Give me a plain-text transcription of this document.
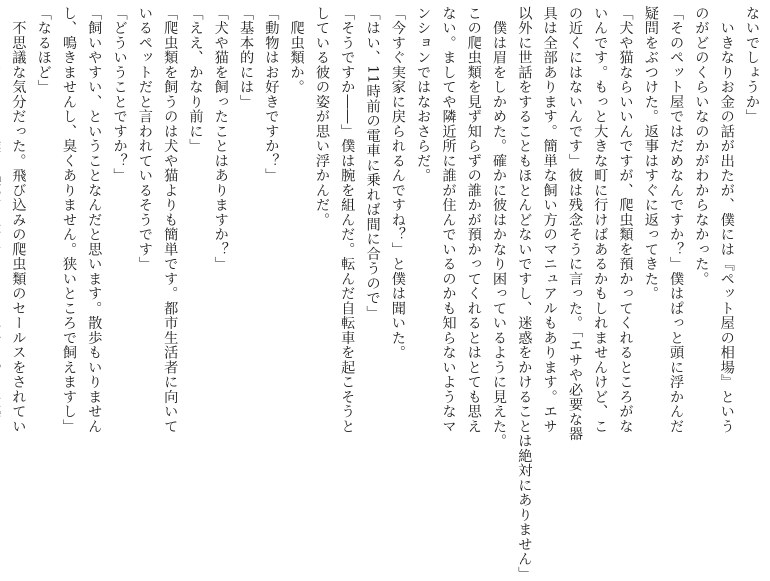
ないでしょうか」
　いきなりお金の話が出たが、僕には『ペット屋の相場』という
のがどのくらいなのかがわからなかった。
「そのペット屋ではだめなんですか？」僕はぱっと頭に浮かんだ
疑問をぶつけた。返事はすぐに返ってきた。
「犬や猫ならいいんですが、爬虫類を預かってくれるところがな
いんです。もっと大きな町に行けばあるかもしれませんけど、こ
の近くにはないんです」彼は残念そうに言った。「エサや必要な器
具は全部あります。簡単な飼い方のマニュアルもあります。エサ
以外に世話をすることもほとんどないですし、迷惑をかけることは絶対にありません」
　僕は眉をしかめた。確かに彼はかなり困っているように見えた。
この爬虫類を見ず知らずの誰かが預かってくれるとはとても思え
ない。ましてや隣近所に誰が住んでいるのかも知らないようなマ
ンションではなおさらだ。
「今すぐ実家に戻られるんですね？」と僕は聞いた。
「はい、11時前の電車に乗れば間に合うので」
「そうですか――」僕は腕を組んだ。転んだ自転車を起こそうと
している彼の姿が思い浮かんだ。
　爬虫類か。
「動物はお好きですか？」
「基本的には」
「犬や猫を飼ったことはありますか？」
「ええ、かなり前に」
「爬虫類を飼うのは犬や猫よりも簡単です。都市生活者に向いて
いるペットだと言われているそうです」
「どういうことですか？」
「飼いやすい、ということなんだと思います。散歩もいりません
し、鳴きませんし、臭くありません。狭いところで飼えますし」
「なるほど」
　不思議な気分だった。飛び込みの爬虫類のセールスをされてい
